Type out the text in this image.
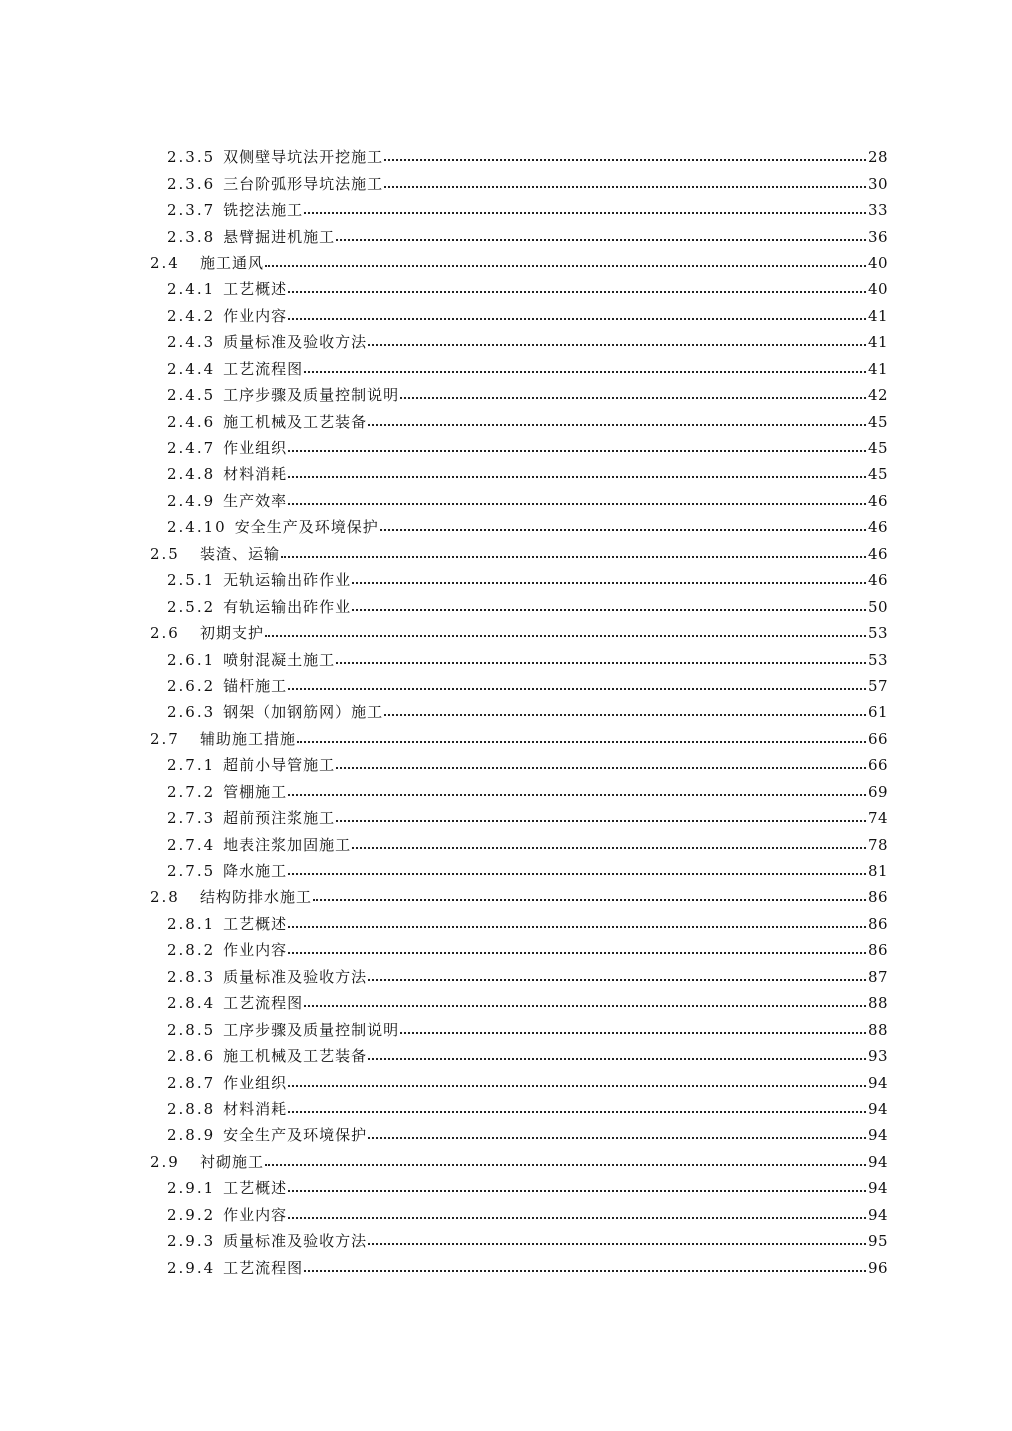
2.3.5 双侧壁导坑法开挖施工	28
2.3.6 三台阶弧形导坑法施工	30
2.3.7 铣挖法施工	33
2.3.8 悬臂掘进机施工	36
2.4	施工通风	40
2.4.1 工艺概述	40
2.4.2 作业内容	41
2.4.3 质量标准及验收方法	41
2.4.4 工艺流程图	41
2.4.5 工序步骤及质量控制说明	42
2.4.6 施工机械及工艺装备	45
2.4.7 作业组织	45
2.4.8 材料消耗	45
2.4.9 生产效率	46
2.4.10 安全生产及环境保护	46
2.5	装渣、运输	46
2.5.1 无轨运输出砟作业	46
2.5.2 有轨运输出砟作业	50
2.6	初期支护	53
2.6.1 喷射混凝土施工	53
2.6.2 锚杆施工	57
2.6.3 钢架（加钢筋网）施工	61
2.7	辅助施工措施	66
2.7.1 超前小导管施工	66
2.7.2 管棚施工	69
2.7.3 超前预注浆施工	74
2.7.4 地表注浆加固施工	78
2.7.5 降水施工	81
2.8	结构防排水施工	86
2.8.1 工艺概述	86
2.8.2 作业内容	86
2.8.3 质量标准及验收方法	87
2.8.4 工艺流程图	88
2.8.5 工序步骤及质量控制说明	88
2.8.6 施工机械及工艺装备	93
2.8.7 作业组织	94
2.8.8 材料消耗	94
2.8.9 安全生产及环境保护	94
2.9	衬砌施工	94
2.9.1 工艺概述	94
2.9.2 作业内容	94
2.9.3 质量标准及验收方法	95
2.9.4 工艺流程图	96
